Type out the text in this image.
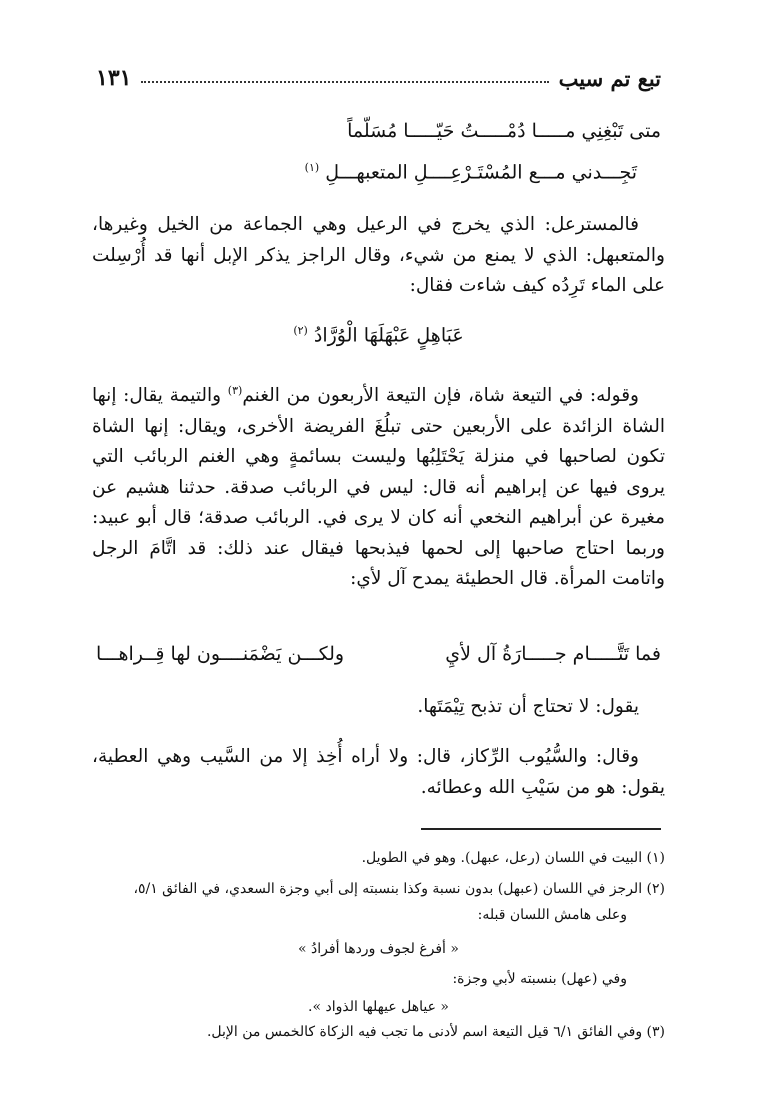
تبع تم سيب
١٣١
متى تَبْغِنِي مـــــا دُمْـــــتُ حَيّـــــا مُسَلّماً
تَجِـــدني مـــع المُسْتَـرْعِــــلِ المتعبهـــلِ $^{(١)}$
فالمسترعل: الذي يخرج في الرعيل وهي الجماعة من الخيل وغيرها، والمتعبهل: الذي لا يمنع من شيء، وقال الراجز يذكر الإبل أنها قد أُرْسِلت على الماء تَرِدُه كيف شاءت فقال:
عَبَاهِلٍ عَبْهَلَهَا الْوُرَّادُ $^{(٢)}$
وقوله: في التيعة شاة، فإن التيعة الأربعون من الغنم$^{(٣)}$ والتيمة يقال: إنها الشاة الزائدة على الأربعين حتى تبلُغَ الفريضة الأخرى، ويقال: إنها الشاة تكون لصاحبها في منزلة يَحْتَلِبُها وليست بسائمةٍ وهي الغنم الربائب التي يروى فيها عن إبراهيم أنه قال: ليس في الربائب صدقة. حدثنا هشيم عن مغيرة عن أبراهيم النخعي أنه كان لا يرى في. الربائب صدقة؛ قال أبو عبيد: وربما احتاج صاحبها إلى لحمها فيذبحها فيقال عند ذلك: قد اتَّامَ الرجل واتامت المرأة. قال الحطيئة يمدح آل لأي:
فما تَتَّـــــام جـــــارَةُ آل لأيِ
ولكـــن يَضْمَنــــون لها قِــراهـــا
يقول: لا تحتاج أن تذبح تِيْمَتَها.
وقال: والسُّيُوب الرِّكاز، قال: ولا أراه أُخِذ إلا من السَّيب وهي العطية، يقول: هو من سَيْبِ الله وعطائه.
(١) البيت في اللسان (رعل، عبهل). وهو في الطويل.
(٢) الرجز في اللسان (عبهل) بدون نسبة وكذا بنسبته إلى أبي وجزة السعدي، في الفائق ٥/١،
وعلى هامش اللسان قبله:
« أفرغ لجوف وردها أفرادُ »
وفي (عهل) بنسبته لأبي وجزة:
« عياهل عيهلها الذواد ».
(٣) وفي الفائق ٦/١ قيل التيعة اسم لأدنى ما تجب فيه الزكاة كالخمس من الإبل.
